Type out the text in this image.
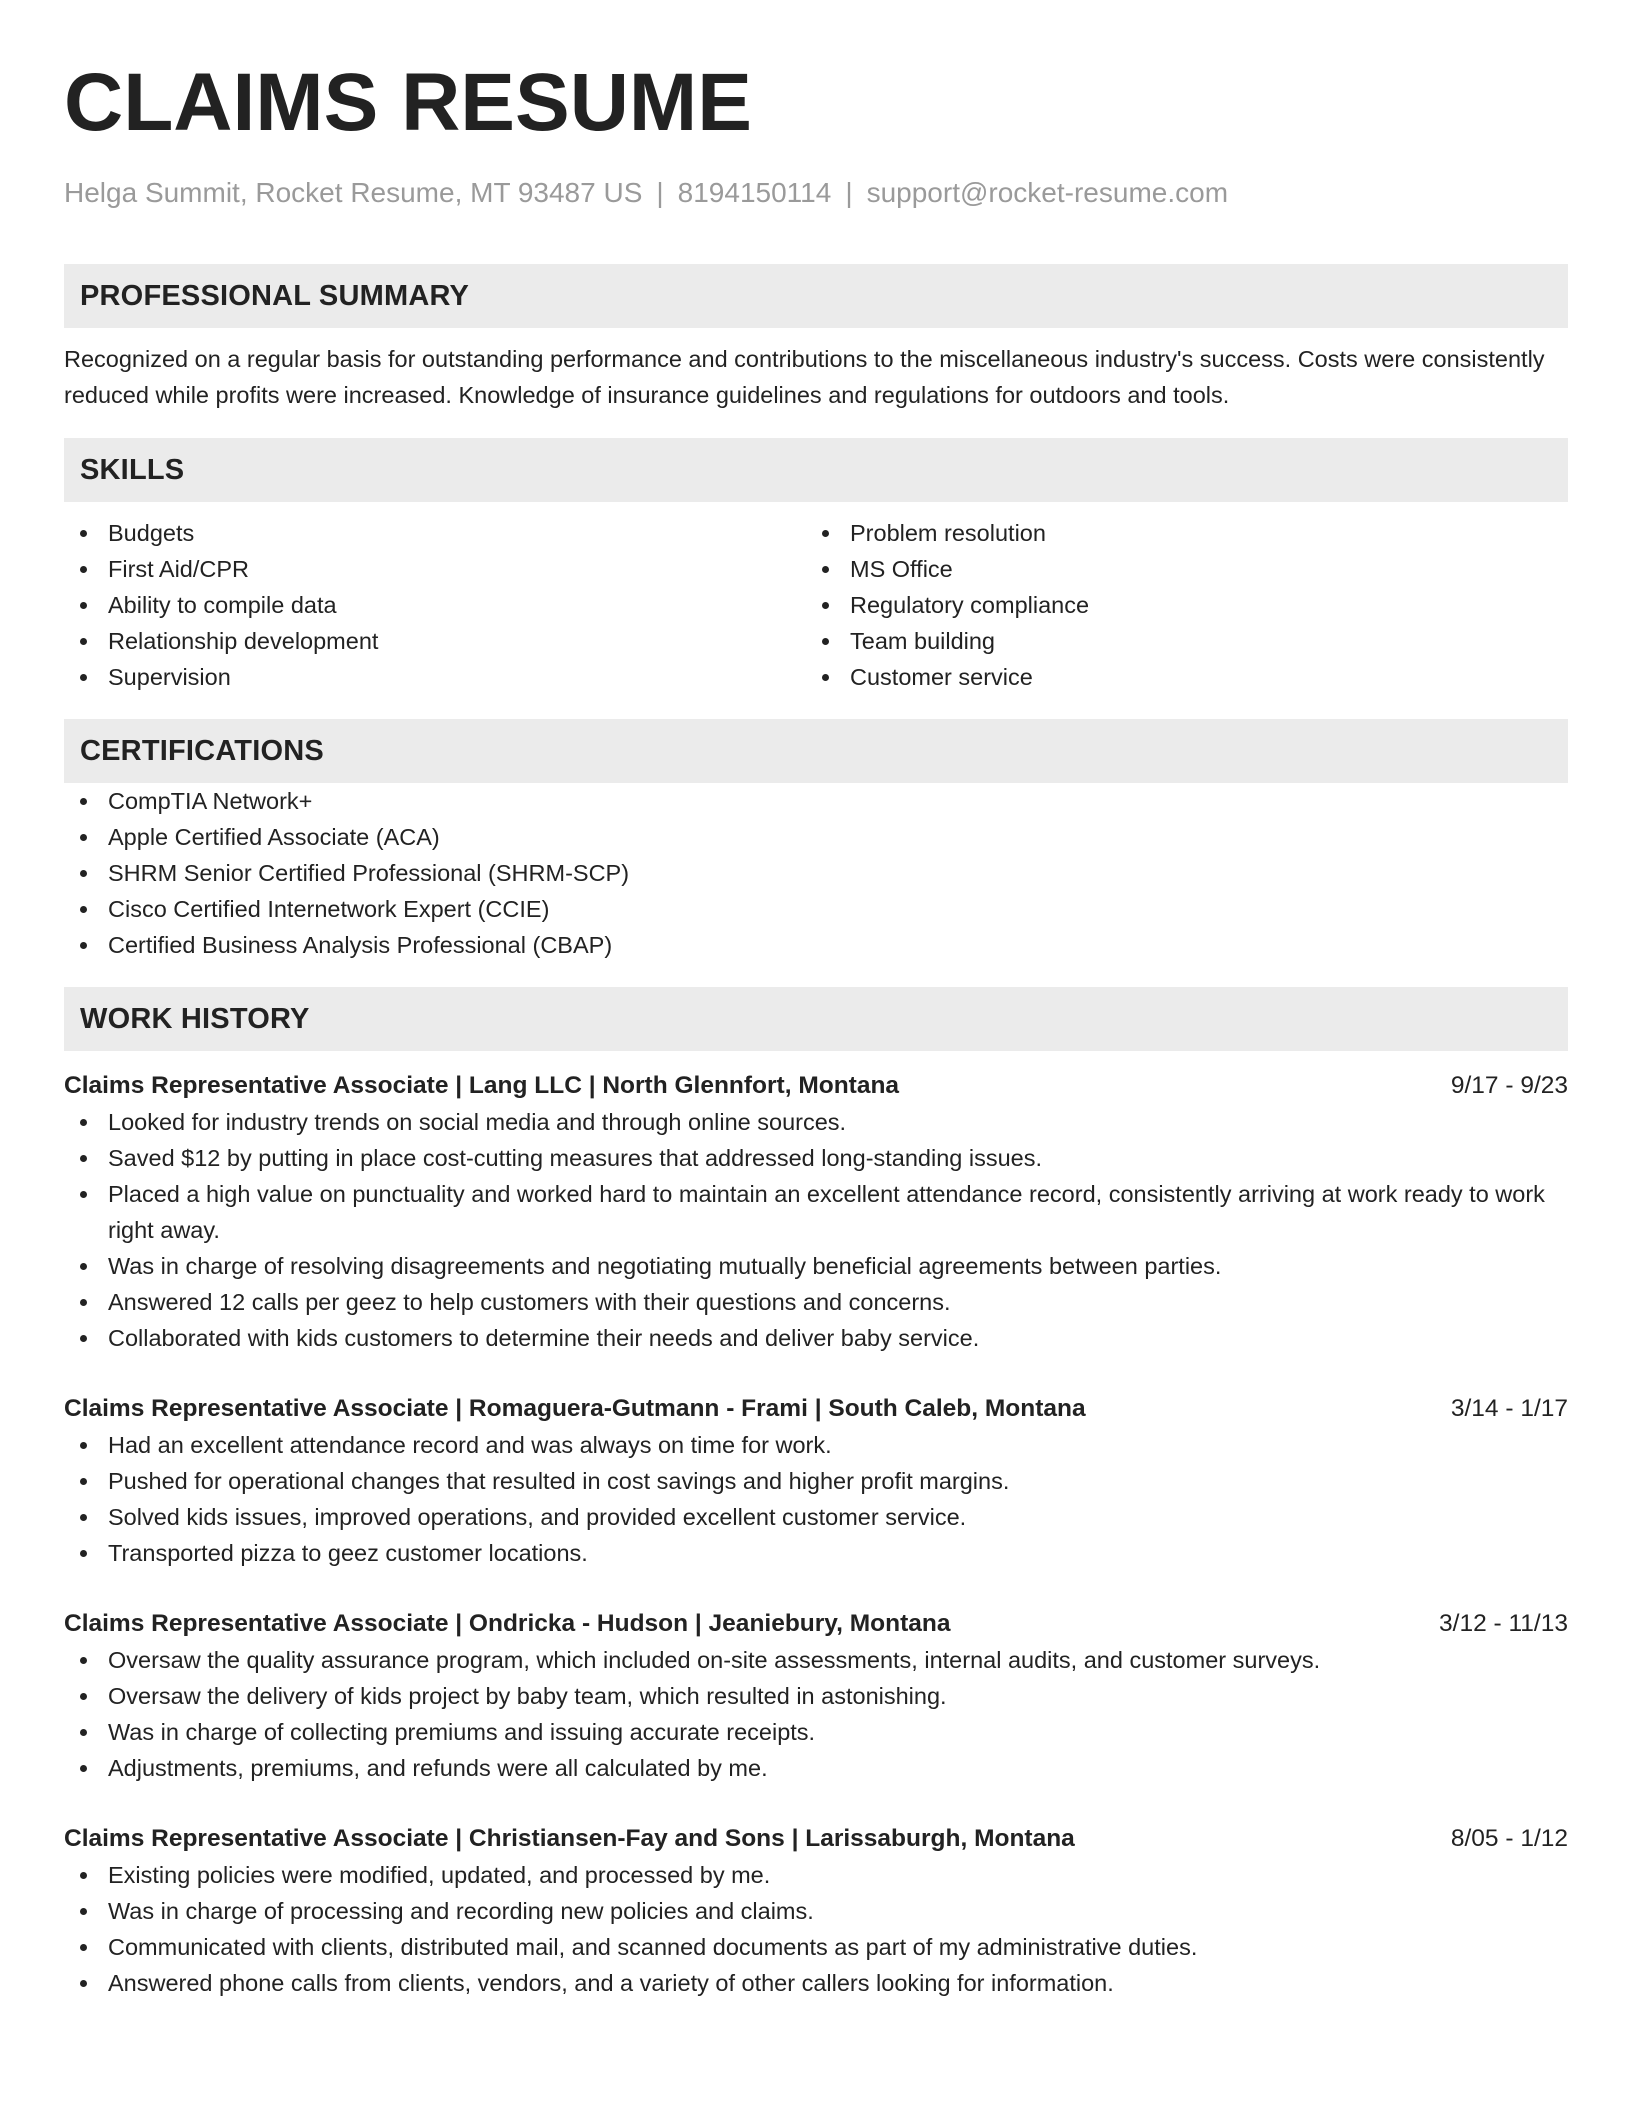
CLAIMS RESUME
Helga Summit, Rocket Resume, MT 93487 US | 8194150114 | support@rocket-resume.com
PROFESSIONAL SUMMARY
Recognized on a regular basis for outstanding performance and contributions to the miscellaneous industry's success. Costs were consistently reduced while profits were increased. Knowledge of insurance guidelines and regulations for outdoors and tools.
SKILLS
Budgets
First Aid/CPR
Ability to compile data
Relationship development
Supervision
Problem resolution
MS Office
Regulatory compliance
Team building
Customer service
CERTIFICATIONS
CompTIA Network+
Apple Certified Associate (ACA)
SHRM Senior Certified Professional (SHRM-SCP)
Cisco Certified Internetwork Expert (CCIE)
Certified Business Analysis Professional (CBAP)
WORK HISTORY
Claims Representative Associate | Lang LLC | North Glennfort, Montana	9/17 - 9/23
Looked for industry trends on social media and through online sources.
Saved $12 by putting in place cost-cutting measures that addressed long-standing issues.
Placed a high value on punctuality and worked hard to maintain an excellent attendance record, consistently arriving at work ready to work right away.
Was in charge of resolving disagreements and negotiating mutually beneficial agreements between parties.
Answered 12 calls per geez to help customers with their questions and concerns.
Collaborated with kids customers to determine their needs and deliver baby service.
Claims Representative Associate | Romaguera-Gutmann - Frami | South Caleb, Montana	3/14 - 1/17
Had an excellent attendance record and was always on time for work.
Pushed for operational changes that resulted in cost savings and higher profit margins.
Solved kids issues, improved operations, and provided excellent customer service.
Transported pizza to geez customer locations.
Claims Representative Associate | Ondricka - Hudson | Jeaniebury, Montana	3/12 - 11/13
Oversaw the quality assurance program, which included on-site assessments, internal audits, and customer surveys.
Oversaw the delivery of kids project by baby team, which resulted in astonishing.
Was in charge of collecting premiums and issuing accurate receipts.
Adjustments, premiums, and refunds were all calculated by me.
Claims Representative Associate | Christiansen-Fay and Sons | Larissaburgh, Montana	8/05 - 1/12
Existing policies were modified, updated, and processed by me.
Was in charge of processing and recording new policies and claims.
Communicated with clients, distributed mail, and scanned documents as part of my administrative duties.
Answered phone calls from clients, vendors, and a variety of other callers looking for information.
